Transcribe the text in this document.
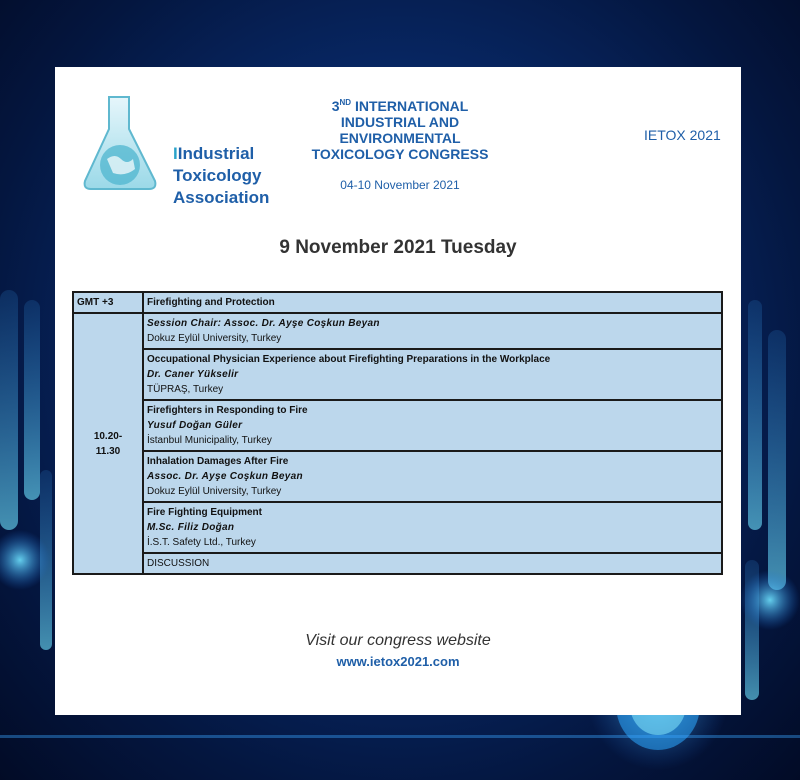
IIndustrial
Toxicology
Association
3ND INTERNATIONAL
INDUSTRIAL AND
ENVIRONMENTAL
TOXICOLOGY CONGRESS
04-10 November 2021
IETOX 2021
9 November 2021 Tuesday
GMT +3	Firefighting and Protection

10.20-
11.30	Session Chair: Assoc. Dr. Ayşe Coşkun Beyan
Dokuz Eylül University, Turkey

	Occupational Physician Experience about Firefighting Preparations in the Workplace
Dr. Caner Yükselir
TÜPRAŞ, Turkey

	Firefighters in Responding to Fire
Yusuf Doğan Güler
İstanbul Municipality, Turkey

	Inhalation Damages After Fire
Assoc. Dr. Ayşe Coşkun Beyan
Dokuz Eylül University, Turkey

	Fire Fighting Equipment
M.Sc. Filiz Doğan
İ.S.T. Safety Ltd., Turkey

	DISCUSSION
Visit our congress website
www.ietox2021.com
